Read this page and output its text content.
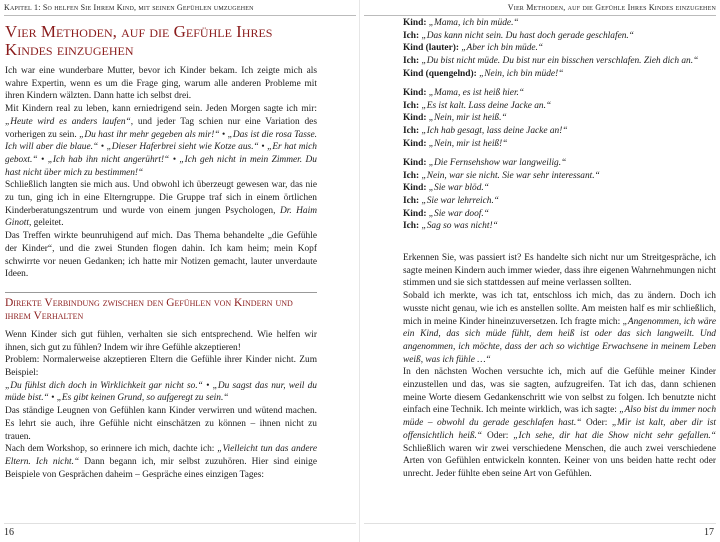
Kapitel 1: So helfen Sie Ihrem Kind, mit seinen Gefühlen umzugehen
Vier Methoden, auf die Gefühle Ihres Kindes einzugehen

Ich war eine wunderbare Mutter, bevor ich Kinder bekam. Ich zeigte mich als wahre Expertin, wenn es um die Frage ging, warum alle anderen Probleme mit ihren Kindern wälzten. Dann hatte ich selbst drei.

Mit Kindern real zu leben, kann erniedrigend sein. Jeden Morgen sagte ich mir: „Heute wird es anders laufen“, und jeder Tag schien nur eine Variation des vorherigen zu sein. „Du hast ihr mehr gegeben als mir!“ • „Das ist die rosa Tasse. Ich will aber die blaue.“ • „Dieser Haferbrei sieht wie Kotze aus.“ • „Er hat mich geboxt.“ • „Ich hab ihn nicht angerührt!“ • „Ich geh nicht in mein Zimmer. Du hast nicht über mich zu bestimmen!“

Schließlich langten sie mich aus. Und obwohl ich überzeugt gewesen war, das nie zu tun, ging ich in eine Elterngruppe. Die Gruppe traf sich in einem örtlichen Kinderberatungszentrum und wurde von einem jungen Psychologen, Dr. Haim Ginott, geleitet.

Das Treffen wirkte beunruhigend auf mich. Das Thema behandelte „die Gefühle der Kinder“, und die zwei Stunden flogen dahin. Ich kam heim; mein Kopf schwirrte vor neuen Gedanken; ich hatte mir Notizen gemacht, lauter unverdaute Ideen.

Direkte Verbindung zwischen den Gefühlen von Kindern und ihrem Verhalten

Wenn Kinder sich gut fühlen, verhalten sie sich entsprechend. Wie helfen wir ihnen, sich gut zu fühlen? Indem wir ihre Gefühle akzeptieren!

Problem: Normalerweise akzeptieren Eltern die Gefühle ihrer Kinder nicht. Zum Beispiel:

„Du fühlst dich doch in Wirklichkeit gar nicht so.“ • „Du sagst das nur, weil du müde bist.“ • „Es gibt keinen Grund, so aufgeregt zu sein.“

Das ständige Leugnen von Gefühlen kann Kinder verwirren und wütend machen. Es lehrt sie auch, ihre Gefühle nicht einschätzen zu können – ihnen nicht zu trauen.

Nach dem Workshop, so erinnere ich mich, dachte ich: „Vielleicht tun das andere Eltern. Ich nicht.“ Dann begann ich, mir selbst zuzuhören. Hier sind einige Beispiele von Gesprächen daheim – Gespräche eines einzigen Tages:

16
Vier Methoden, auf die Gefühle Ihres Kindes einzugehen
Kind: „Mama, ich bin müde.“
Ich: „Das kann nicht sein. Du hast doch gerade geschlafen.“
Kind (lauter): „Aber ich bin müde.“
Ich: „Du bist nicht müde. Du bist nur ein bisschen verschlafen. Zieh dich an.“
Kind (quengelnd): „Nein, ich bin müde!“
Kind: „Mama, es ist heiß hier.“
Ich: „Es ist kalt. Lass deine Jacke an.“
Kind: „Nein, mir ist heiß.“
Ich: „Ich hab gesagt, lass deine Jacke an!“
Kind: „Nein, mir ist heiß!“
Kind: „Die Fernsehshow war langweilig.“
Ich: „Nein, war sie nicht. Sie war sehr interessant.“
Kind: „Sie war blöd.“
Ich: „Sie war lehrreich.“
Kind: „Sie war doof.“
Ich: „Sag so was nicht!“

Erkennen Sie, was passiert ist? Es handelte sich nicht nur um Streitgespräche, ich sagte meinen Kindern auch immer wieder, dass ihre eigenen Wahrnehmungen nicht stimmen und sie sich stattdessen auf meine verlassen sollten.

Sobald ich merkte, was ich tat, entschloss ich mich, das zu ändern. Doch ich wusste nicht genau, wie ich es anstellen sollte. Am meisten half es mir schließlich, mich in meine Kinder hineinzuversetzen. Ich fragte mich: „Angenommen, ich wäre ein Kind, das sich müde fühlt, dem heiß ist oder das sich langweilt. Und angenommen, ich möchte, dass der ach so wichtige Erwachsene in meinem Leben weiß, was ich fühle …“

In den nächsten Wochen versuchte ich, mich auf die Gefühle meiner Kinder einzustellen und das, was sie sagten, aufzugreifen. Tat ich das, dann schienen meine Worte diesem Gedankenschritt wie von selbst zu folgen. Ich benutzte nicht einfach eine Technik. Ich meinte wirklich, was ich sagte: „Also bist du immer noch müde – obwohl du gerade geschlafen hast.“ Oder: „Mir ist kalt, aber dir ist offensichtlich heiß.“ Oder: „Ich sehe, dir hat die Show nicht sehr gefallen.“ Schließlich waren wir zwei verschiedene Menschen, die auch zwei verschiedene Arten von Gefühlen entwickeln konnten. Keiner von uns beiden hatte recht oder unrecht. Jeder fühlte eben seine Art von Gefühlen.

17
